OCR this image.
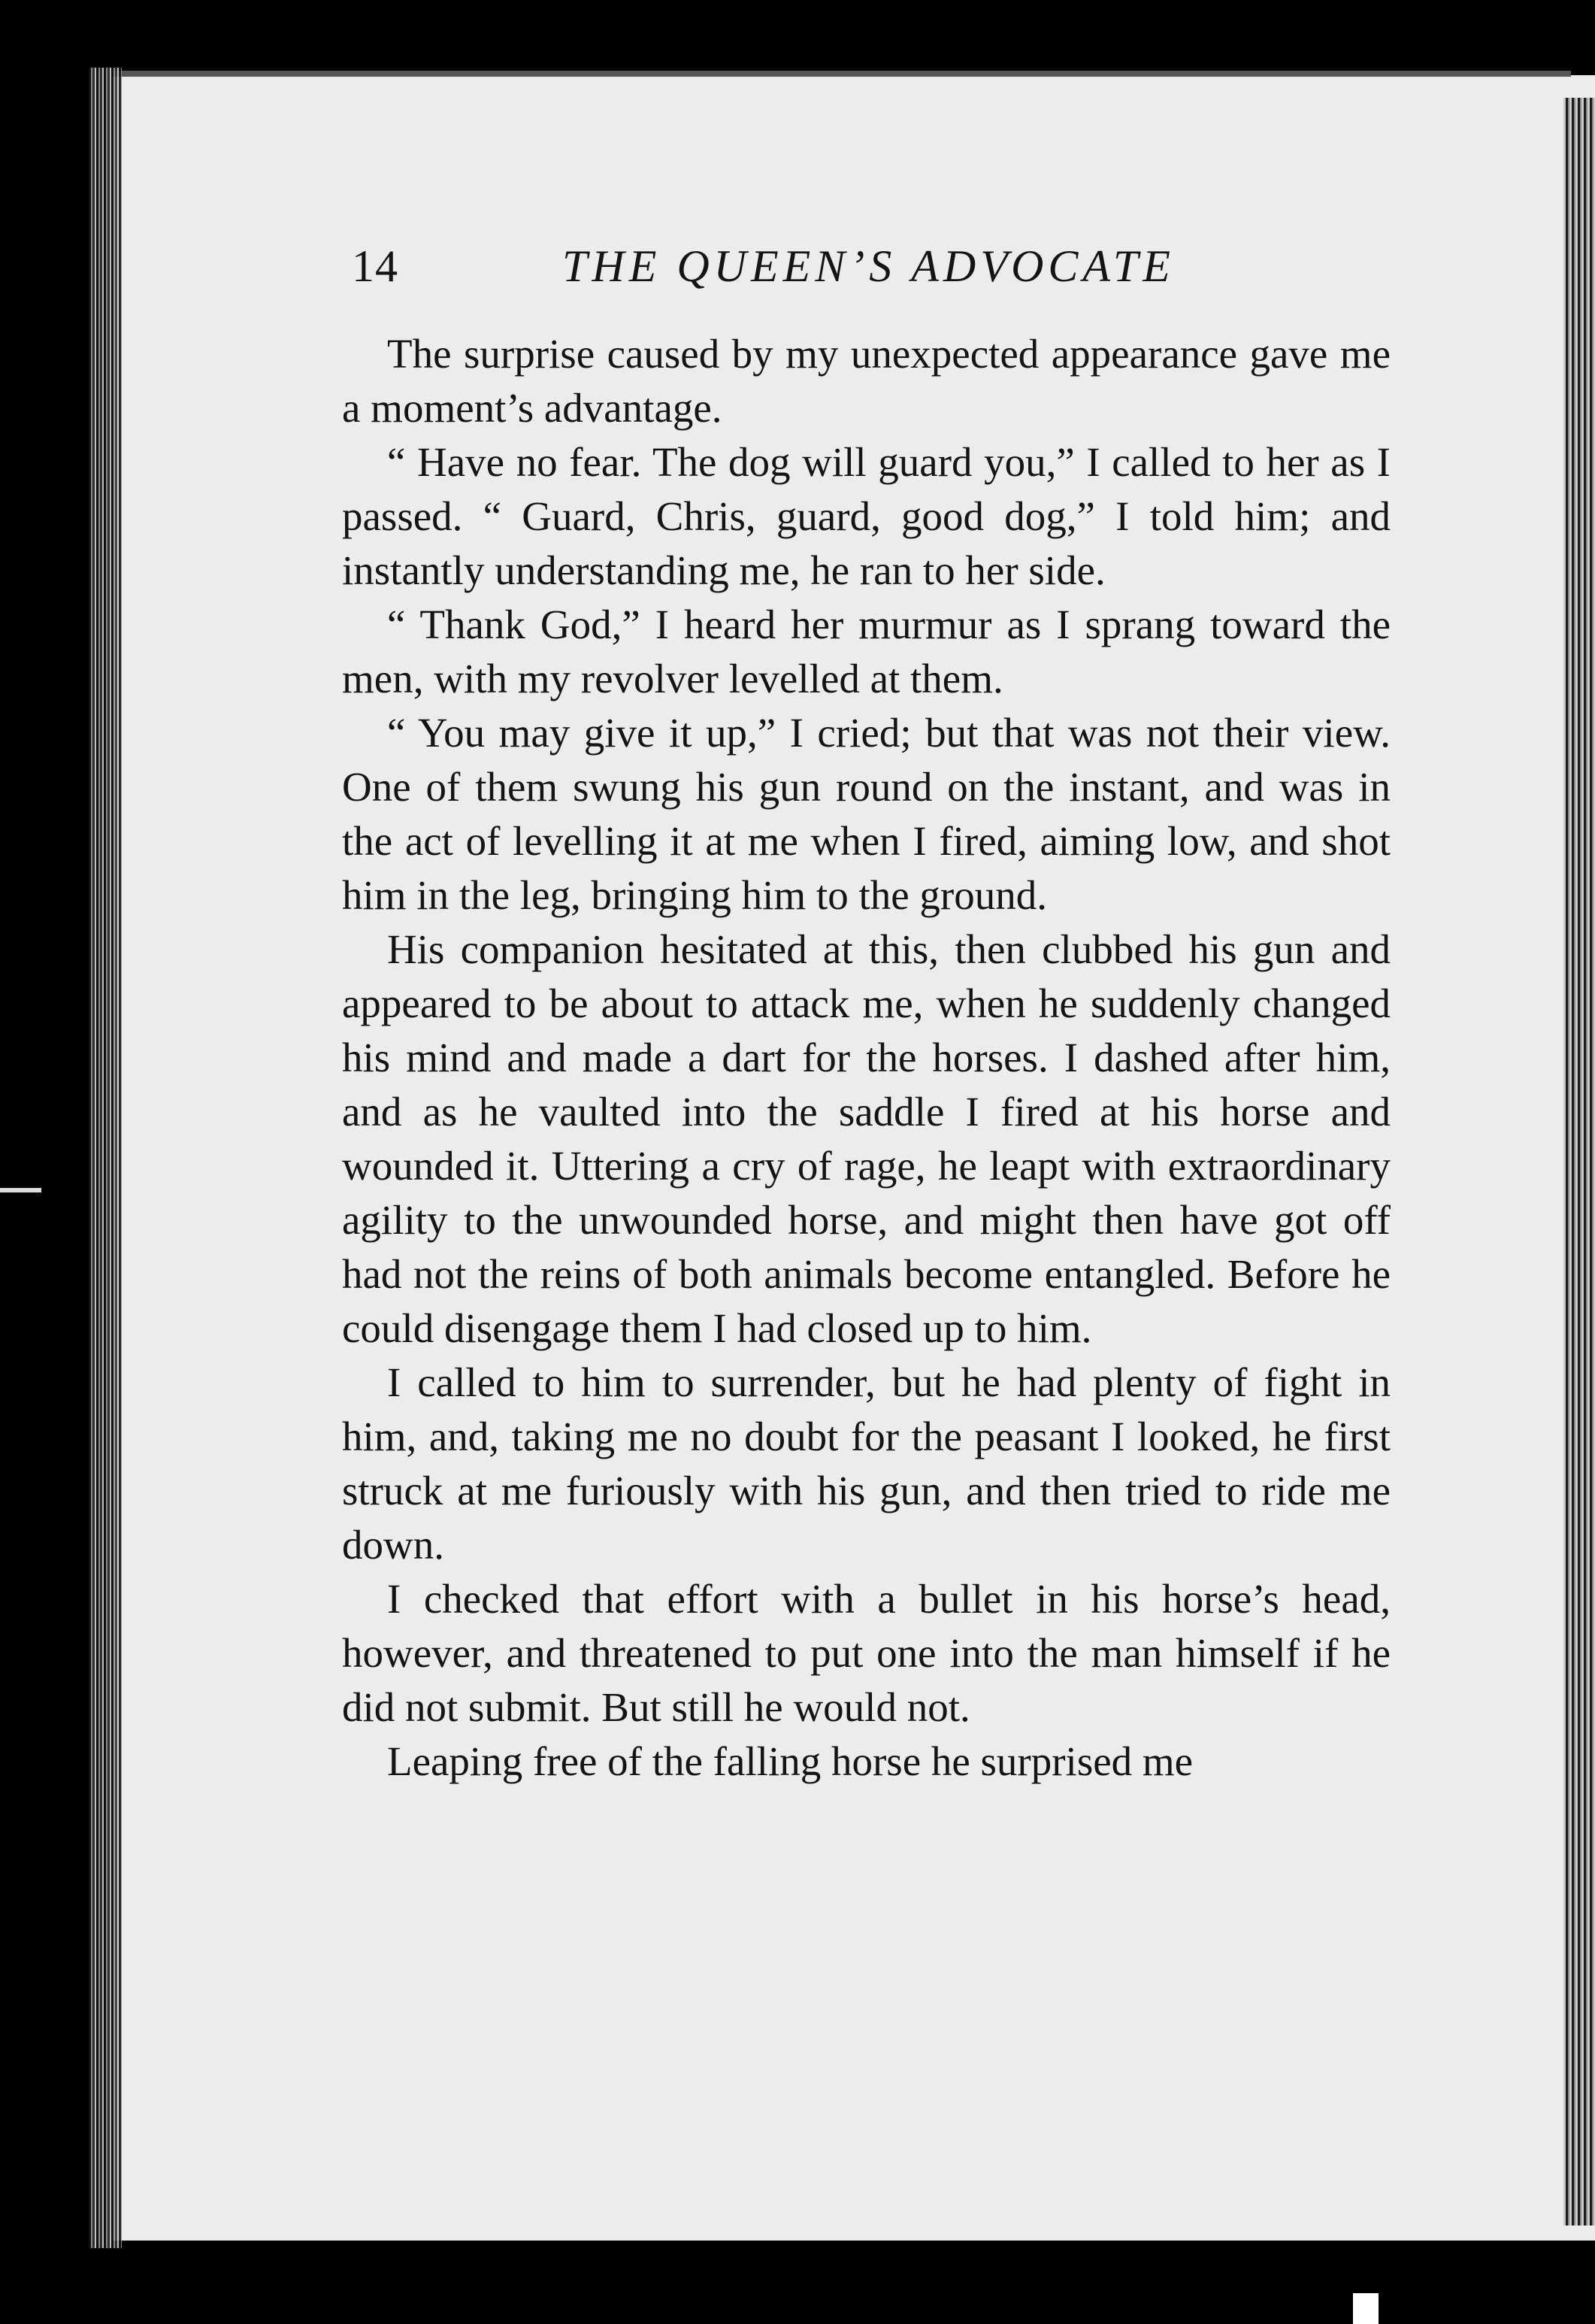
14	THE QUEEN’S ADVOCATE

The surprise caused by my unexpected appearance gave me a moment’s advantage.

“ Have no fear. The dog will guard you,” I called to her as I passed. “ Guard, Chris, guard, good dog,” I told him; and instantly understanding me, he ran to her side.

“ Thank God,” I heard her murmur as I sprang toward the men, with my revolver levelled at them.

“ You may give it up,” I cried; but that was not their view. One of them swung his gun round on the instant, and was in the act of levelling it at me when I fired, aiming low, and shot him in the leg, bringing him to the ground.

His companion hesitated at this, then clubbed his gun and appeared to be about to attack me, when he suddenly changed his mind and made a dart for the horses. I dashed after him, and as he vaulted into the saddle I fired at his horse and wounded it. Uttering a cry of rage, he leapt with extraordinary agility to the unwounded horse, and might then have got off had not the reins of both animals become entangled. Before he could disengage them I had closed up to him.

I called to him to surrender, but he had plenty of fight in him, and, taking me no doubt for the peasant I looked, he first struck at me furiously with his gun, and then tried to ride me down.

I checked that effort with a bullet in his horse’s head, however, and threatened to put one into the man himself if he did not submit. But still he would not.

Leaping free of the falling horse he surprised me
